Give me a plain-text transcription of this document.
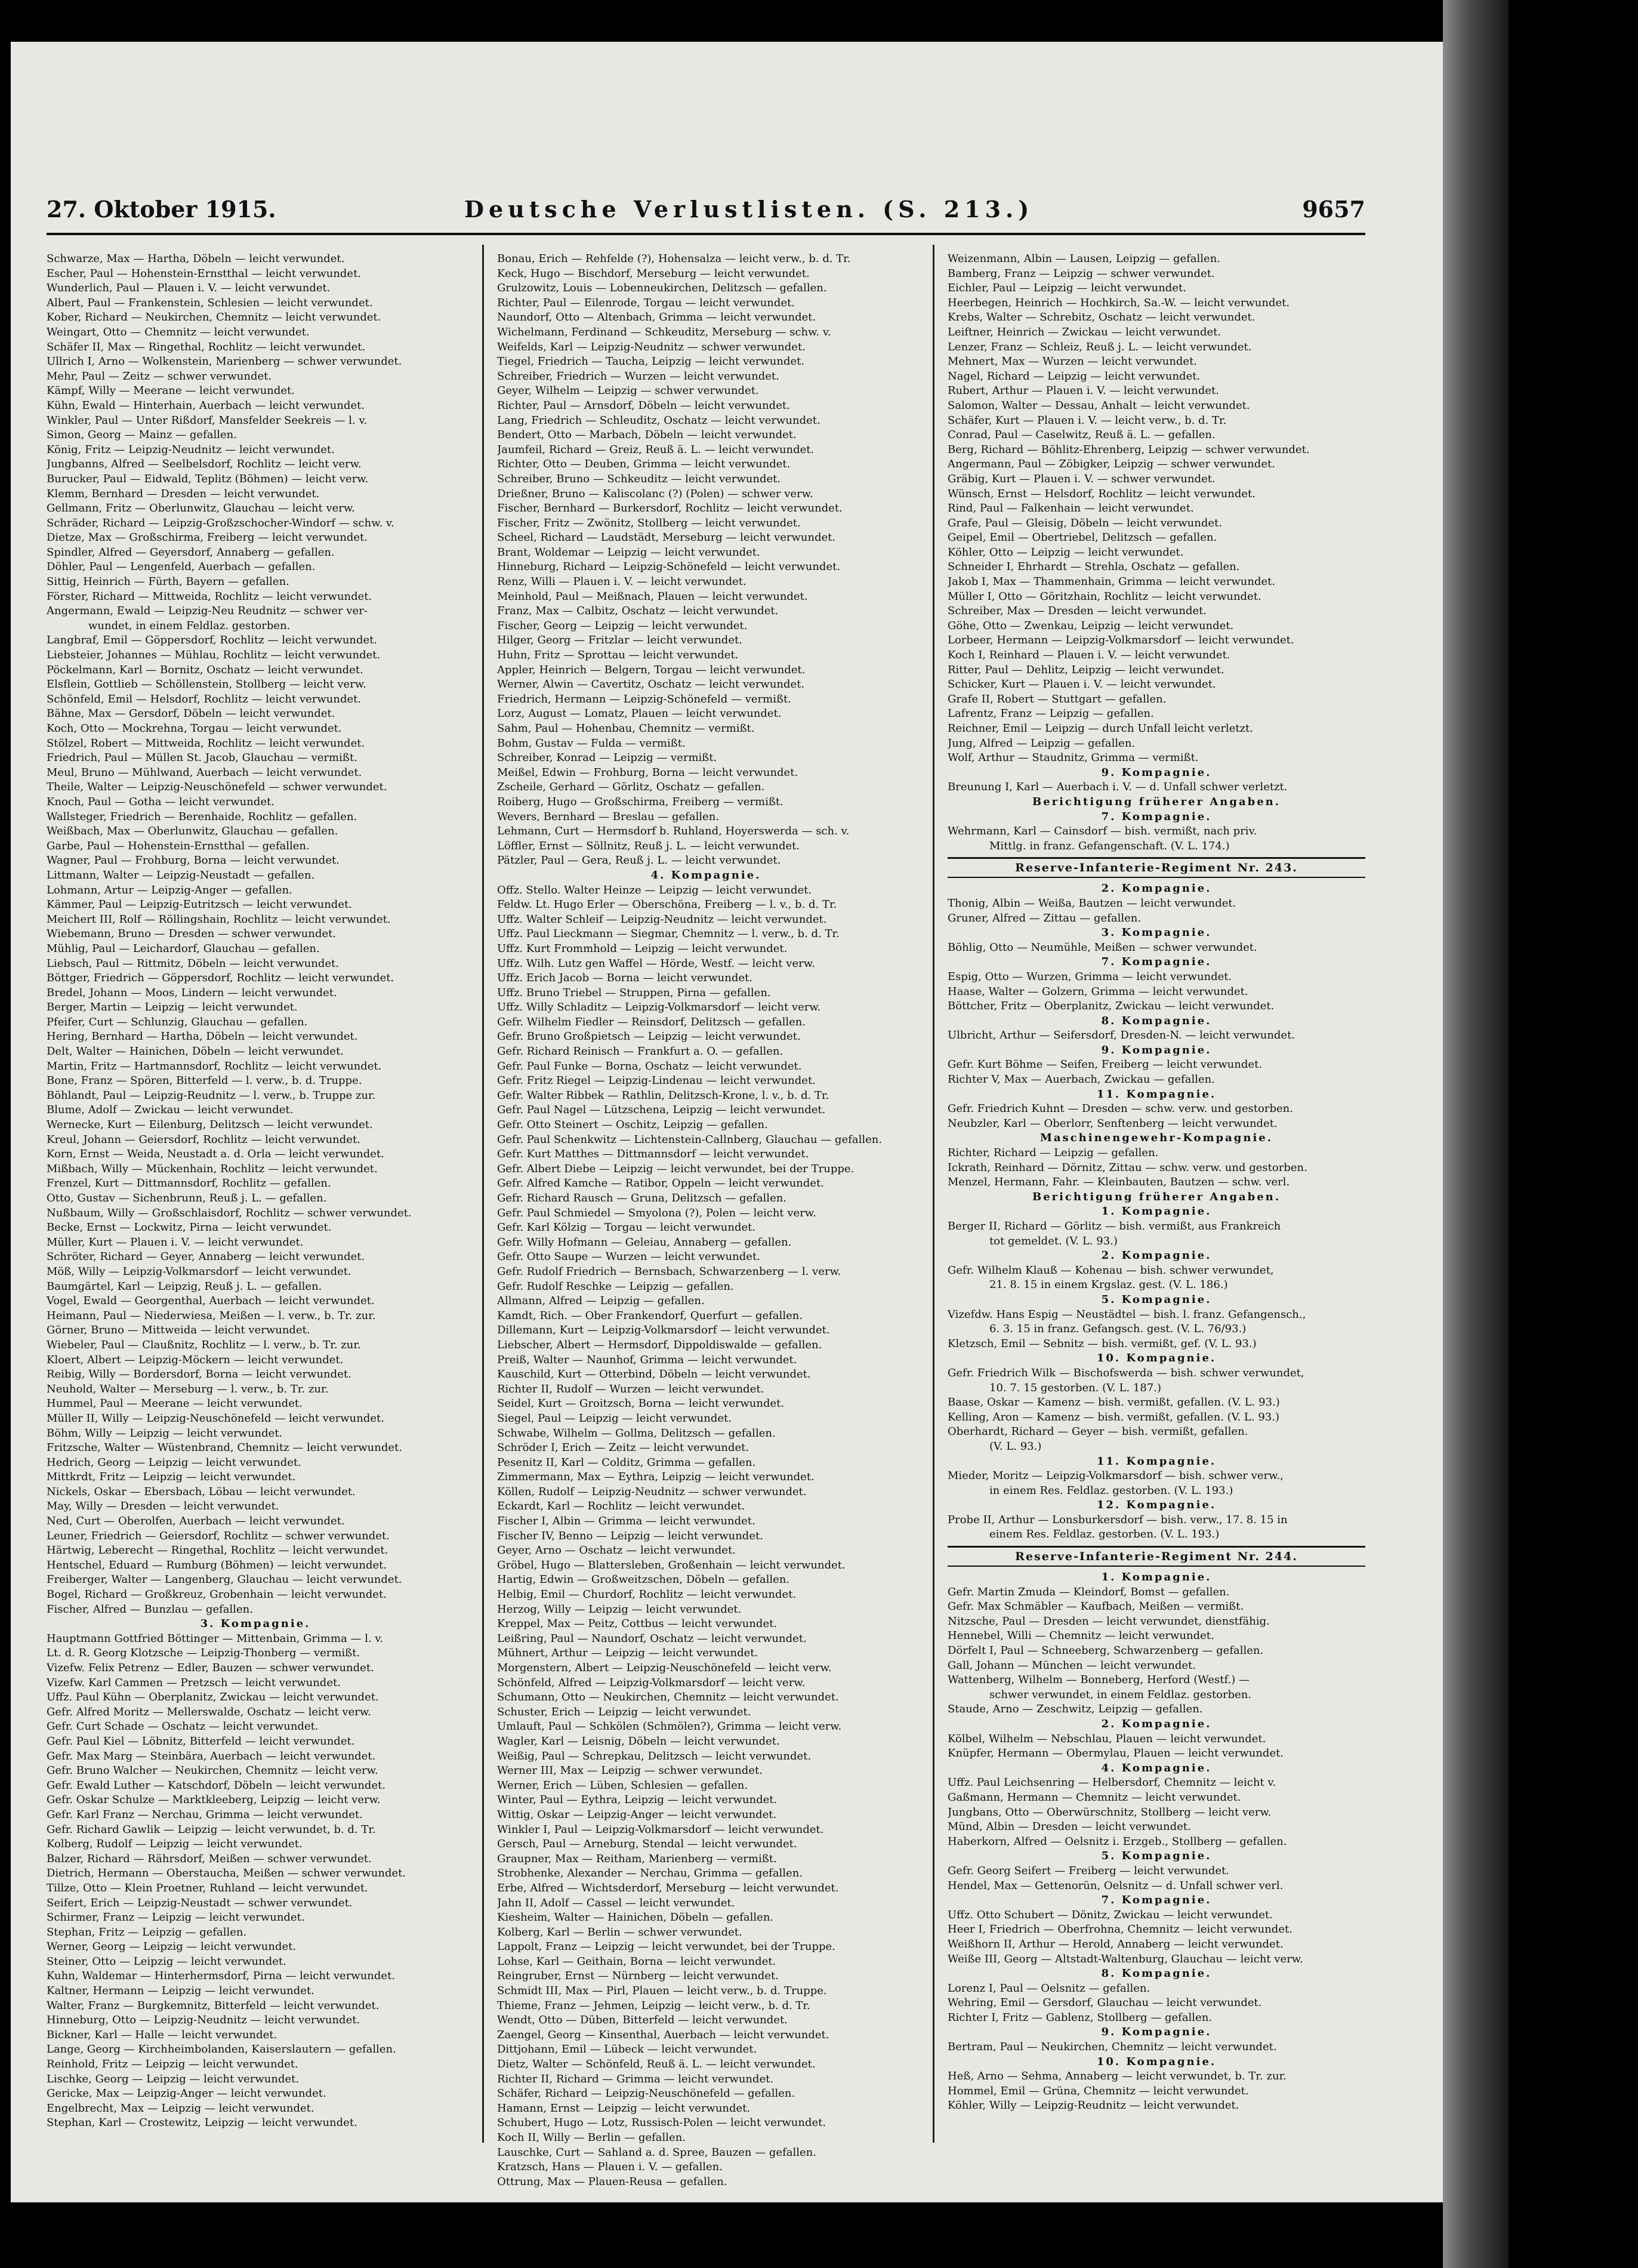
27. Oktober 1915.	Deutsche Verlustlisten. (S. 213.)	9657
Schwarze, Max — Hartha, Döbeln — leicht verwundet.
Escher, Paul — Hohenstein-Ernstthal — leicht verwundet.
Wunderlich, Paul — Plauen i. V. — leicht verwundet.
Albert, Paul — Frankenstein, Schlesien — leicht verwundet.
Kober, Richard — Neukirchen, Chemnitz — leicht verwundet.
Weingart, Otto — Chemnitz — leicht verwundet.
Schäfer II, Max — Ringethal, Rochlitz — leicht verwundet.
Ullrich I, Arno — Wolkenstein, Marienberg — schwer verwundet.
Mehr, Paul — Zeitz — schwer verwundet.
Kämpf, Willy — Meerane — leicht verwundet.
Kühn, Ewald — Hinterhain, Auerbach — leicht verwundet.
Winkler, Paul — Unter Rißdorf, Mansfelder Seekreis — l. v.
Simon, Georg — Mainz — gefallen.
König, Fritz — Leipzig-Neudnitz — leicht verwundet.
Jungbanns, Alfred — Seelbelsdorf, Rochlitz — leicht verw.
Burucker, Paul — Eidwald, Teplitz (Böhmen) — leicht verw.
Klemm, Bernhard — Dresden — leicht verwundet.
Gellmann, Fritz — Oberlunwitz, Glauchau — leicht verw.
Schräder, Richard — Leipzig-Großzschocher-Windorf — schw. v.
Dietze, Max — Großschirma, Freiberg — leicht verwundet.
Spindler, Alfred — Geyersdorf, Annaberg — gefallen.
Döhler, Paul — Lengenfeld, Auerbach — gefallen.
Sittig, Heinrich — Fürth, Bayern — gefallen.
Förster, Richard — Mittweida, Rochlitz — leicht verwundet.
Angermann, Ewald — Leipzig-Neu Reudnitz — schwer ver-
wundet, in einem Feldlaz. gestorben.
Langbraf, Emil — Göppersdorf, Rochlitz — leicht verwundet.
Liebsteier, Johannes — Mühlau, Rochlitz — leicht verwundet.
Pöckelmann, Karl — Bornitz, Oschatz — leicht verwundet.
Elsflein, Gottlieb — Schöllenstein, Stollberg — leicht verw.
Schönfeld, Emil — Helsdorf, Rochlitz — leicht verwundet.
Bähne, Max — Gersdorf, Döbeln — leicht verwundet.
Koch, Otto — Mockrehna, Torgau — leicht verwundet.
Stölzel, Robert — Mittweida, Rochlitz — leicht verwundet.
Friedrich, Paul — Müllen St. Jacob, Glauchau — vermißt.
Meul, Bruno — Mühlwand, Auerbach — leicht verwundet.
Theile, Walter — Leipzig-Neuschönefeld — schwer verwundet.
Knoch, Paul — Gotha — leicht verwundet.
Wallsteger, Friedrich — Berenhaide, Rochlitz — gefallen.
Weißbach, Max — Oberlunwitz, Glauchau — gefallen.
Garbe, Paul — Hohenstein-Ernstthal — gefallen.
Wagner, Paul — Frohburg, Borna — leicht verwundet.
Littmann, Walter — Leipzig-Neustadt — gefallen.
Lohmann, Artur — Leipzig-Anger — gefallen.
Kämmer, Paul — Leipzig-Eutritzsch — leicht verwundet.
Meichert III, Rolf — Röllingshain, Rochlitz — leicht verwundet.
Wiebemann, Bruno — Dresden — schwer verwundet.
Mühlig, Paul — Leichardorf, Glauchau — gefallen.
Liebsch, Paul — Rittmitz, Döbeln — leicht verwundet.
Böttger, Friedrich — Göppersdorf, Rochlitz — leicht verwundet.
Bredel, Johann — Moos, Lindern — leicht verwundet.
Berger, Martin — Leipzig — leicht verwundet.
Pfeifer, Curt — Schlunzig, Glauchau — gefallen.
Hering, Bernhard — Hartha, Döbeln — leicht verwundet.
Delt, Walter — Hainichen, Döbeln — leicht verwundet.
Martin, Fritz — Hartmannsdorf, Rochlitz — leicht verwundet.
Bone, Franz — Spören, Bitterfeld — l. verw., b. d. Truppe.
Böhlandt, Paul — Leipzig-Reudnitz — l. verw., b. Truppe zur.
Blume, Adolf — Zwickau — leicht verwundet.
Wernecke, Kurt — Eilenburg, Delitzsch — leicht verwundet.
Kreul, Johann — Geiersdorf, Rochlitz — leicht verwundet.
Korn, Ernst — Weida, Neustadt a. d. Orla — leicht verwundet.
Mißbach, Willy — Mückenhain, Rochlitz — leicht verwundet.
Frenzel, Kurt — Dittmannsdorf, Rochlitz — gefallen.
Otto, Gustav — Sichenbrunn, Reuß j. L. — gefallen.
Nußbaum, Willy — Großschlaisdorf, Rochlitz — schwer verwundet.
Becke, Ernst — Lockwitz, Pirna — leicht verwundet.
Müller, Kurt — Plauen i. V. — leicht verwundet.
Schröter, Richard — Geyer, Annaberg — leicht verwundet.
Möß, Willy — Leipzig-Volkmarsdorf — leicht verwundet.
Baumgärtel, Karl — Leipzig, Reuß j. L. — gefallen.
Vogel, Ewald — Georgenthal, Auerbach — leicht verwundet.
Heimann, Paul — Niederwiesa, Meißen — l. verw., b. Tr. zur.
Görner, Bruno — Mittweida — leicht verwundet.
Wiebeler, Paul — Claußnitz, Rochlitz — l. verw., b. Tr. zur.
Kloert, Albert — Leipzig-Möckern — leicht verwundet.
Reibig, Willy — Bordersdorf, Borna — leicht verwundet.
Neuhold, Walter — Merseburg — l. verw., b. Tr. zur.
Hummel, Paul — Meerane — leicht verwundet.
Müller II, Willy — Leipzig-Neuschönefeld — leicht verwundet.
Böhm, Willy — Leipzig — leicht verwundet.
Fritzsche, Walter — Wüstenbrand, Chemnitz — leicht verwundet.
Hedrich, Georg — Leipzig — leicht verwundet.
Mittkrdt, Fritz — Leipzig — leicht verwundet.
Nickels, Oskar — Ebersbach, Löbau — leicht verwundet.
May, Willy — Dresden — leicht verwundet.
Ned, Curt — Oberolfen, Auerbach — leicht verwundet.
Leuner, Friedrich — Geiersdorf, Rochlitz — schwer verwundet.
Härtwig, Leberecht — Ringethal, Rochlitz — leicht verwundet.
Hentschel, Eduard — Rumburg (Böhmen) — leicht verwundet.
Freiberger, Walter — Langenberg, Glauchau — leicht verwundet.
Bogel, Richard — Großkreuz, Grobenhain — leicht verwundet.
Fischer, Alfred — Bunzlau — gefallen.
3. Kompagnie.
Hauptmann Gottfried Böttinger — Mittenbain, Grimma — l. v.
Lt. d. R. Georg Klotzsche — Leipzig-Thonberg — vermißt.
Vizefw. Felix Petrenz — Edler, Bauzen — schwer verwundet.
Vizefw. Karl Cammen — Pretzsch — leicht verwundet.
Uffz. Paul Kühn — Oberplanitz, Zwickau — leicht verwundet.
Gefr. Alfred Moritz — Mellerswalde, Oschatz — leicht verw.
Gefr. Curt Schade — Oschatz — leicht verwundet.
Gefr. Paul Kiel — Löbnitz, Bitterfeld — leicht verwundet.
Gefr. Max Marg — Steinbära, Auerbach — leicht verwundet.
Gefr. Bruno Walcher — Neukirchen, Chemnitz — leicht verw.
Gefr. Ewald Luther — Katschdorf, Döbeln — leicht verwundet.
Gefr. Oskar Schulze — Marktkleeberg, Leipzig — leicht verw.
Gefr. Karl Franz — Nerchau, Grimma — leicht verwundet.
Gefr. Richard Gawlik — Leipzig — leicht verwundet, b. d. Tr.
Kolberg, Rudolf — Leipzig — leicht verwundet.
Balzer, Richard — Rährsdorf, Meißen — schwer verwundet.
Dietrich, Hermann — Oberstaucha, Meißen — schwer verwundet.
Tillze, Otto — Klein Proetner, Ruhland — leicht verwundet.
Seifert, Erich — Leipzig-Neustadt — schwer verwundet.
Schirmer, Franz — Leipzig — leicht verwundet.
Stephan, Fritz — Leipzig — gefallen.
Werner, Georg — Leipzig — leicht verwundet.
Steiner, Otto — Leipzig — leicht verwundet.
Kuhn, Waldemar — Hinterhermsdorf, Pirna — leicht verwundet.
Kaltner, Hermann — Leipzig — leicht verwundet.
Walter, Franz — Burgkemnitz, Bitterfeld — leicht verwundet.
Hinneburg, Otto — Leipzig-Neudnitz — leicht verwundet.
Bickner, Karl — Halle — leicht verwundet.
Lange, Georg — Kirchheimbolanden, Kaiserslautern — gefallen.
Reinhold, Fritz — Leipzig — leicht verwundet.
Lischke, Georg — Leipzig — leicht verwundet.
Gericke, Max — Leipzig-Anger — leicht verwundet.
Engelbrecht, Max — Leipzig — leicht verwundet.
Stephan, Karl — Crostewitz, Leipzig — leicht verwundet.
Bonau, Erich — Rehfelde (?), Hohensalza — leicht verw., b. d. Tr.
Keck, Hugo — Bischdorf, Merseburg — leicht verwundet.
Grulzowitz, Louis — Lobenneukirchen, Delitzsch — gefallen.
Richter, Paul — Eilenrode, Torgau — leicht verwundet.
Naundorf, Otto — Altenbach, Grimma — leicht verwundet.
Wichelmann, Ferdinand — Schkeuditz, Merseburg — schw. v.
Weifelds, Karl — Leipzig-Neudnitz — schwer verwundet.
Tiegel, Friedrich — Taucha, Leipzig — leicht verwundet.
Schreiber, Friedrich — Wurzen — leicht verwundet.
Geyer, Wilhelm — Leipzig — schwer verwundet.
Richter, Paul — Arnsdorf, Döbeln — leicht verwundet.
Lang, Friedrich — Schleuditz, Oschatz — leicht verwundet.
Bendert, Otto — Marbach, Döbeln — leicht verwundet.
Jaumfeil, Richard — Greiz, Reuß ä. L. — leicht verwundet.
Richter, Otto — Deuben, Grimma — leicht verwundet.
Schreiber, Bruno — Schkeuditz — leicht verwundet.
Drießner, Bruno — Kaliscolanc (?) (Polen) — schwer verw.
Fischer, Bernhard — Burkersdorf, Rochlitz — leicht verwundet.
Fischer, Fritz — Zwönitz, Stollberg — leicht verwundet.
Scheel, Richard — Laudstädt, Merseburg — leicht verwundet.
Brant, Woldemar — Leipzig — leicht verwundet.
Hinneburg, Richard — Leipzig-Schönefeld — leicht verwundet.
Renz, Willi — Plauen i. V. — leicht verwundet.
Meinhold, Paul — Meißnach, Plauen — leicht verwundet.
Franz, Max — Calbitz, Oschatz — leicht verwundet.
Fischer, Georg — Leipzig — leicht verwundet.
Hilger, Georg — Fritzlar — leicht verwundet.
Huhn, Fritz — Sprottau — leicht verwundet.
Appler, Heinrich — Belgern, Torgau — leicht verwundet.
Werner, Alwin — Cavertitz, Oschatz — leicht verwundet.
Friedrich, Hermann — Leipzig-Schönefeld — vermißt.
Lorz, August — Lomatz, Plauen — leicht verwundet.
Sahm, Paul — Hohenbau, Chemnitz — vermißt.
Bohm, Gustav — Fulda — vermißt.
Schreiber, Konrad — Leipzig — vermißt.
Meißel, Edwin — Frohburg, Borna — leicht verwundet.
Zscheile, Gerhard — Görlitz, Oschatz — gefallen.
Roiberg, Hugo — Großschirma, Freiberg — vermißt.
Wevers, Bernhard — Breslau — gefallen.
Lehmann, Curt — Hermsdorf b. Ruhland, Hoyerswerda — sch. v.
Löffler, Ernst — Söllnitz, Reuß j. L. — leicht verwundet.
Pätzler, Paul — Gera, Reuß j. L. — leicht verwundet.
4. Kompagnie.
Offz. Stello. Walter Heinze — Leipzig — leicht verwundet.
Feldw. Lt. Hugo Erler — Oberschöna, Freiberg — l. v., b. d. Tr.
Uffz. Walter Schleif — Leipzig-Neudnitz — leicht verwundet.
Uffz. Paul Lieckmann — Siegmar, Chemnitz — l. verw., b. d. Tr.
Uffz. Kurt Frommhold — Leipzig — leicht verwundet.
Uffz. Wilh. Lutz gen Waffel — Hörde, Westf. — leicht verw.
Uffz. Erich Jacob — Borna — leicht verwundet.
Uffz. Bruno Triebel — Struppen, Pirna — gefallen.
Uffz. Willy Schladitz — Leipzig-Volkmarsdorf — leicht verw.
Gefr. Wilhelm Fiedler — Reinsdorf, Delitzsch — gefallen.
Gefr. Bruno Großpietsch — Leipzig — leicht verwundet.
Gefr. Richard Reinisch — Frankfurt a. O. — gefallen.
Gefr. Paul Funke — Borna, Oschatz — leicht verwundet.
Gefr. Fritz Riegel — Leipzig-Lindenau — leicht verwundet.
Gefr. Walter Ribbek — Rathlin, Delitzsch-Krone, l. v., b. d. Tr.
Gefr. Paul Nagel — Lützschena, Leipzig — leicht verwundet.
Gefr. Otto Steinert — Oschitz, Leipzig — gefallen.
Gefr. Paul Schenkwitz — Lichtenstein-Callnberg, Glauchau — gefallen.
Gefr. Kurt Matthes — Dittmannsdorf — leicht verwundet.
Gefr. Albert Diebe — Leipzig — leicht verwundet, bei der Truppe.
Gefr. Alfred Kamche — Ratibor, Oppeln — leicht verwundet.
Gefr. Richard Rausch — Gruna, Delitzsch — gefallen.
Gefr. Paul Schmiedel — Smyolona (?), Polen — leicht verw.
Gefr. Karl Kölzig — Torgau — leicht verwundet.
Gefr. Willy Hofmann — Geleiau, Annaberg — gefallen.
Gefr. Otto Saupe — Wurzen — leicht verwundet.
Gefr. Rudolf Friedrich — Bernsbach, Schwarzenberg — l. verw.
Gefr. Rudolf Reschke — Leipzig — gefallen.
Allmann, Alfred — Leipzig — gefallen.
Kamdt, Rich. — Ober Frankendorf, Querfurt — gefallen.
Dillemann, Kurt — Leipzig-Volkmarsdorf — leicht verwundet.
Liebscher, Albert — Hermsdorf, Dippoldiswalde — gefallen.
Preiß, Walter — Naunhof, Grimma — leicht verwundet.
Kauschild, Kurt — Otterbind, Döbeln — leicht verwundet.
Richter II, Rudolf — Wurzen — leicht verwundet.
Seidel, Kurt — Groitzsch, Borna — leicht verwundet.
Siegel, Paul — Leipzig — leicht verwundet.
Schwabe, Wilhelm — Gollma, Delitzsch — gefallen.
Schröder I, Erich — Zeitz — leicht verwundet.
Pesenitz II, Karl — Colditz, Grimma — gefallen.
Zimmermann, Max — Eythra, Leipzig — leicht verwundet.
Köllen, Rudolf — Leipzig-Neudnitz — schwer verwundet.
Eckardt, Karl — Rochlitz — leicht verwundet.
Fischer I, Albin — Grimma — leicht verwundet.
Fischer IV, Benno — Leipzig — leicht verwundet.
Geyer, Arno — Oschatz — leicht verwundet.
Gröbel, Hugo — Blattersleben, Großenhain — leicht verwundet.
Hartig, Edwin — Großweitzschen, Döbeln — gefallen.
Helbig, Emil — Churdorf, Rochlitz — leicht verwundet.
Herzog, Willy — Leipzig — leicht verwundet.
Kreppel, Max — Peitz, Cottbus — leicht verwundet.
Leißring, Paul — Naundorf, Oschatz — leicht verwundet.
Mühnert, Arthur — Leipzig — leicht verwundet.
Morgenstern, Albert — Leipzig-Neuschönefeld — leicht verw.
Schönfeld, Alfred — Leipzig-Volkmarsdorf — leicht verw.
Schumann, Otto — Neukirchen, Chemnitz — leicht verwundet.
Schuster, Erich — Leipzig — leicht verwundet.
Umlauft, Paul — Schkölen (Schmölen?), Grimma — leicht verw.
Wagler, Karl — Leisnig, Döbeln — leicht verwundet.
Weißig, Paul — Schrepkau, Delitzsch — leicht verwundet.
Werner III, Max — Leipzig — schwer verwundet.
Werner, Erich — Lüben, Schlesien — gefallen.
Winter, Paul — Eythra, Leipzig — leicht verwundet.
Wittig, Oskar — Leipzig-Anger — leicht verwundet.
Winkler I, Paul — Leipzig-Volkmarsdorf — leicht verwundet.
Gersch, Paul — Arneburg, Stendal — leicht verwundet.
Graupner, Max — Reitham, Marienberg — vermißt.
Strobhenke, Alexander — Nerchau, Grimma — gefallen.
Erbe, Alfred — Wichtsderdorf, Merseburg — leicht verwundet.
Jahn II, Adolf — Cassel — leicht verwundet.
Kiesheim, Walter — Hainichen, Döbeln — gefallen.
Kolberg, Karl — Berlin — schwer verwundet.
Lappolt, Franz — Leipzig — leicht verwundet, bei der Truppe.
Lohse, Karl — Geithain, Borna — leicht verwundet.
Reingruber, Ernst — Nürnberg — leicht verwundet.
Schmidt III, Max — Pirl, Plauen — leicht verw., b. d. Truppe.
Thieme, Franz — Jehmen, Leipzig — leicht verw., b. d. Tr.
Wendt, Otto — Düben, Bitterfeld — leicht verwundet.
Zaengel, Georg — Kinsenthal, Auerbach — leicht verwundet.
Dittjohann, Emil — Lübeck — leicht verwundet.
Dietz, Walter — Schönfeld, Reuß ä. L. — leicht verwundet.
Richter II, Richard — Grimma — leicht verwundet.
Schäfer, Richard — Leipzig-Neuschönefeld — gefallen.
Hamann, Ernst — Leipzig — leicht verwundet.
Schubert, Hugo — Lotz, Russisch-Polen — leicht verwundet.
Koch II, Willy — Berlin — gefallen.
Lauschke, Curt — Sahland a. d. Spree, Bauzen — gefallen.
Kratzsch, Hans — Plauen i. V. — gefallen.
Ottrung, Max — Plauen-Reusa — gefallen.
Weizenmann, Albin — Lausen, Leipzig — gefallen.
Bamberg, Franz — Leipzig — schwer verwundet.
Eichler, Paul — Leipzig — leicht verwundet.
Heerbegen, Heinrich — Hochkirch, Sa.-W. — leicht verwundet.
Krebs, Walter — Schrebitz, Oschatz — leicht verwundet.
Leiftner, Heinrich — Zwickau — leicht verwundet.
Lenzer, Franz — Schleiz, Reuß j. L. — leicht verwundet.
Mehnert, Max — Wurzen — leicht verwundet.
Nagel, Richard — Leipzig — leicht verwundet.
Rubert, Arthur — Plauen i. V. — leicht verwundet.
Salomon, Walter — Dessau, Anhalt — leicht verwundet.
Schäfer, Kurt — Plauen i. V. — leicht verw., b. d. Tr.
Conrad, Paul — Caselwitz, Reuß ä. L. — gefallen.
Berg, Richard — Böhlitz-Ehrenberg, Leipzig — schwer verwundet.
Angermann, Paul — Zöbigker, Leipzig — schwer verwundet.
Gräbig, Kurt — Plauen i. V. — schwer verwundet.
Wünsch, Ernst — Helsdorf, Rochlitz — leicht verwundet.
Rind, Paul — Falkenhain — leicht verwundet.
Grafe, Paul — Gleisig, Döbeln — leicht verwundet.
Geipel, Emil — Obertriebel, Delitzsch — gefallen.
Köhler, Otto — Leipzig — leicht verwundet.
Schneider I, Ehrhardt — Strehla, Oschatz — gefallen.
Jakob I, Max — Thammenhain, Grimma — leicht verwundet.
Müller I, Otto — Göritzhain, Rochlitz — leicht verwundet.
Schreiber, Max — Dresden — leicht verwundet.
Göhe, Otto — Zwenkau, Leipzig — leicht verwundet.
Lorbeer, Hermann — Leipzig-Volkmarsdorf — leicht verwundet.
Koch I, Reinhard — Plauen i. V. — leicht verwundet.
Ritter, Paul — Dehlitz, Leipzig — leicht verwundet.
Schicker, Kurt — Plauen i. V. — leicht verwundet.
Grafe II, Robert — Stuttgart — gefallen.
Lafrentz, Franz — Leipzig — gefallen.
Reichner, Emil — Leipzig — durch Unfall leicht verletzt.
Jung, Alfred — Leipzig — gefallen.
Wolf, Arthur — Staudnitz, Grimma — vermißt.
9. Kompagnie.
Breunung I, Karl — Auerbach i. V. — d. Unfall schwer verletzt.
Berichtigung früherer Angaben.
7. Kompagnie.
Wehrmann, Karl — Cainsdorf — bish. vermißt, nach priv.
Mittlg. in franz. Gefangenschaft. (V. L. 174.)
Reserve-Infanterie-Regiment Nr. 243.
2. Kompagnie.
Thonig, Albin — Weißa, Bautzen — leicht verwundet.
Gruner, Alfred — Zittau — gefallen.
3. Kompagnie.
Böhlig, Otto — Neumühle, Meißen — schwer verwundet.
7. Kompagnie.
Espig, Otto — Wurzen, Grimma — leicht verwundet.
Haase, Walter — Golzern, Grimma — leicht verwundet.
Böttcher, Fritz — Oberplanitz, Zwickau — leicht verwundet.
8. Kompagnie.
Ulbricht, Arthur — Seifersdorf, Dresden-N. — leicht verwundet.
9. Kompagnie.
Gefr. Kurt Böhme — Seifen, Freiberg — leicht verwundet.
Richter V, Max — Auerbach, Zwickau — gefallen.
11. Kompagnie.
Gefr. Friedrich Kuhnt — Dresden — schw. verw. und gestorben.
Neubzler, Karl — Oberlorr, Senftenberg — leicht verwundet.
Maschinengewehr-Kompagnie.
Richter, Richard — Leipzig — gefallen.
Ickrath, Reinhard — Dörnitz, Zittau — schw. verw. und gestorben.
Menzel, Hermann, Fahr. — Kleinbauten, Bautzen — schw. verl.
Berichtigung früherer Angaben.
1. Kompagnie.
Berger II, Richard — Görlitz — bish. vermißt, aus Frankreich
tot gemeldet. (V. L. 93.)
2. Kompagnie.
Gefr. Wilhelm Klauß — Kohenau — bish. schwer verwundet,
21. 8. 15 in einem Krgslaz. gest. (V. L. 186.)
5. Kompagnie.
Vizefdw. Hans Espig — Neustädtel — bish. l. franz. Gefangensch.,
6. 3. 15 in franz. Gefangsch. gest. (V. L. 76/93.)
Kletzsch, Emil — Sebnitz — bish. vermißt, gef. (V. L. 93.)
10. Kompagnie.
Gefr. Friedrich Wilk — Bischofswerda — bish. schwer verwundet,
10. 7. 15 gestorben. (V. L. 187.)
Baase, Oskar — Kamenz — bish. vermißt, gefallen. (V. L. 93.)
Kelling, Aron — Kamenz — bish. vermißt, gefallen. (V. L. 93.)
Oberhardt, Richard — Geyer — bish. vermißt, gefallen.
(V. L. 93.)
11. Kompagnie.
Mieder, Moritz — Leipzig-Volkmarsdorf — bish. schwer verw.,
in einem Res. Feldlaz. gestorben. (V. L. 193.)
12. Kompagnie.
Probe II, Arthur — Lonsburkersdorf — bish. verw., 17. 8. 15 in
einem Res. Feldlaz. gestorben. (V. L. 193.)
Reserve-Infanterie-Regiment Nr. 244.
1. Kompagnie.
Gefr. Martin Zmuda — Kleindorf, Bomst — gefallen.
Gefr. Max Schmäbler — Kaufbach, Meißen — vermißt.
Nitzsche, Paul — Dresden — leicht verwundet, dienstfähig.
Hennebel, Willi — Chemnitz — leicht verwundet.
Dörfelt I, Paul — Schneeberg, Schwarzenberg — gefallen.
Gall, Johann — München — leicht verwundet.
Wattenberg, Wilhelm — Bonneberg, Herford (Westf.) —
schwer verwundet, in einem Feldlaz. gestorben.
Staude, Arno — Zeschwitz, Leipzig — gefallen.
2. Kompagnie.
Kölbel, Wilhelm — Nebschlau, Plauen — leicht verwundet.
Knüpfer, Hermann — Obermylau, Plauen — leicht verwundet.
4. Kompagnie.
Uffz. Paul Leichsenring — Helbersdorf, Chemnitz — leicht v.
Gaßmann, Hermann — Chemnitz — leicht verwundet.
Jungbans, Otto — Oberwürschnitz, Stollberg — leicht verw.
Münd, Albin — Dresden — leicht verwundet.
Haberkorn, Alfred — Oelsnitz i. Erzgeb., Stollberg — gefallen.
5. Kompagnie.
Gefr. Georg Seifert — Freiberg — leicht verwundet.
Hendel, Max — Gettenorün, Oelsnitz — d. Unfall schwer verl.
7. Kompagnie.
Uffz. Otto Schubert — Dönitz, Zwickau — leicht verwundet.
Heer I, Friedrich — Oberfrohna, Chemnitz — leicht verwundet.
Weißhorn II, Arthur — Herold, Annaberg — leicht verwundet.
Weiße III, Georg — Altstadt-Waltenburg, Glauchau — leicht verw.
8. Kompagnie.
Lorenz I, Paul — Oelsnitz — gefallen.
Wehring, Emil — Gersdorf, Glauchau — leicht verwundet.
Richter I, Fritz — Gablenz, Stollberg — gefallen.
9. Kompagnie.
Bertram, Paul — Neukirchen, Chemnitz — leicht verwundet.
10. Kompagnie.
Heß, Arno — Sehma, Annaberg — leicht verwundet, b. Tr. zur.
Hommel, Emil — Grüna, Chemnitz — leicht verwundet.
Köhler, Willy — Leipzig-Reudnitz — leicht verwundet.
